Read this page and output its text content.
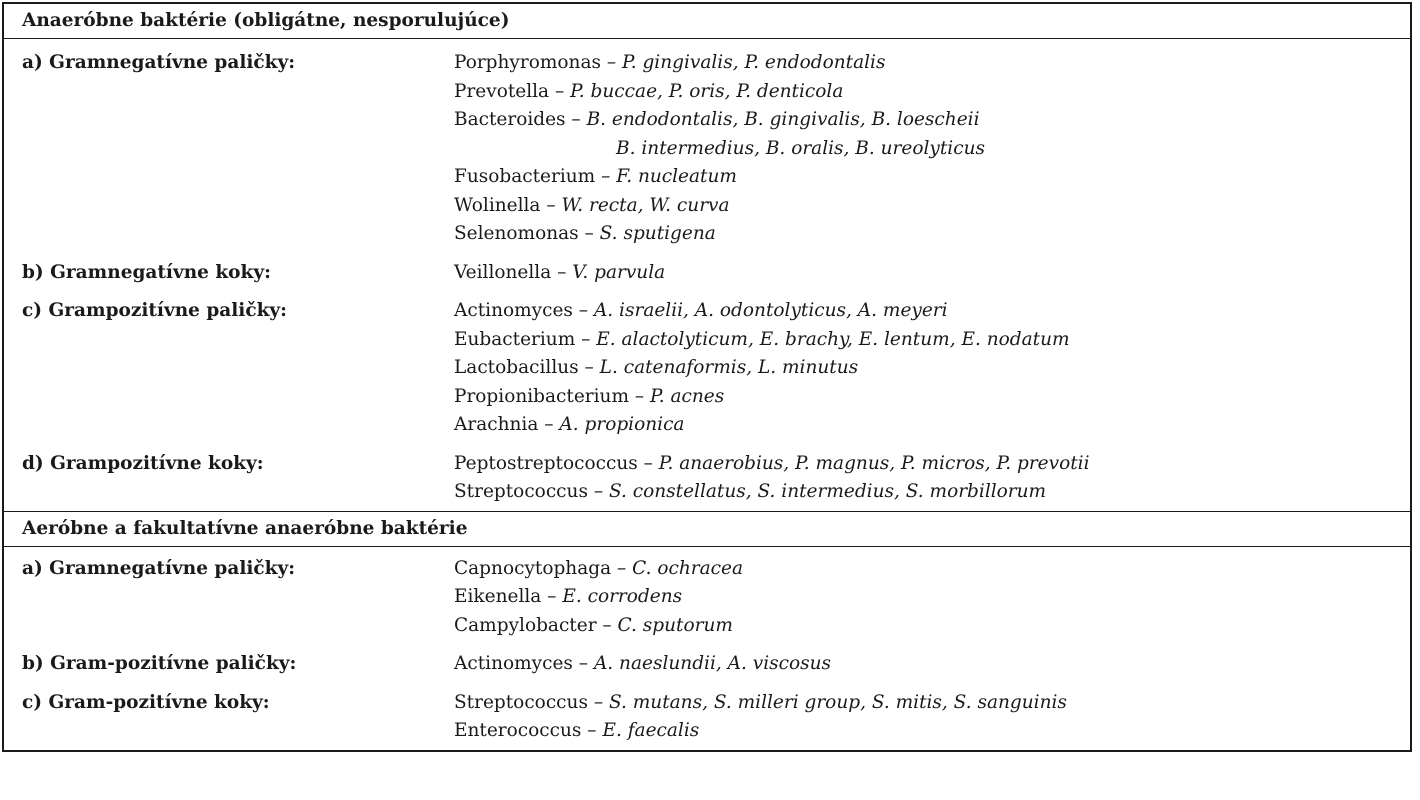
Anaeróbne baktérie (obligátne, nesporulujúce)
a) Gramnegatívne paličky:	Porphyromonas – P. gingivalis, P. endodontalis
Prevotella – P. buccae, P. oris, P. denticola
Bacteroides – B. endodontalis, B. gingivalis, B. loescheii
B. intermedius, B. oralis, B. ureolyticus
Fusobacterium – F. nucleatum
Wolinella – W. recta, W. curva
Selenomonas – S. sputigena
b) Gramnegatívne koky:	Veillonella – V. parvula
c) Grampozitívne paličky:	Actinomyces – A. israelii, A. odontolyticus, A. meyeri
Eubacterium – E. alactolyticum, E. brachy, E. lentum, E. nodatum
Lactobacillus – L. catenaformis, L. minutus
Propionibacterium – P. acnes
Arachnia – A. propionica
d) Grampozitívne koky:	Peptostreptococcus – P. anaerobius, P. magnus, P. micros, P. prevotii
Streptococcus – S. constellatus, S. intermedius, S. morbillorum
Aeróbne a fakultatívne anaeróbne baktérie
a) Gramnegatívne paličky:	Capnocytophaga – C. ochracea
Eikenella – E. corrodens
Campylobacter – C. sputorum
b) Gram-pozitívne paličky:	Actinomyces – A. naeslundii, A. viscosus
c) Gram-pozitívne koky:	Streptococcus – S. mutans, S. milleri group, S. mitis, S. sanguinis
Enterococcus – E. faecalis
